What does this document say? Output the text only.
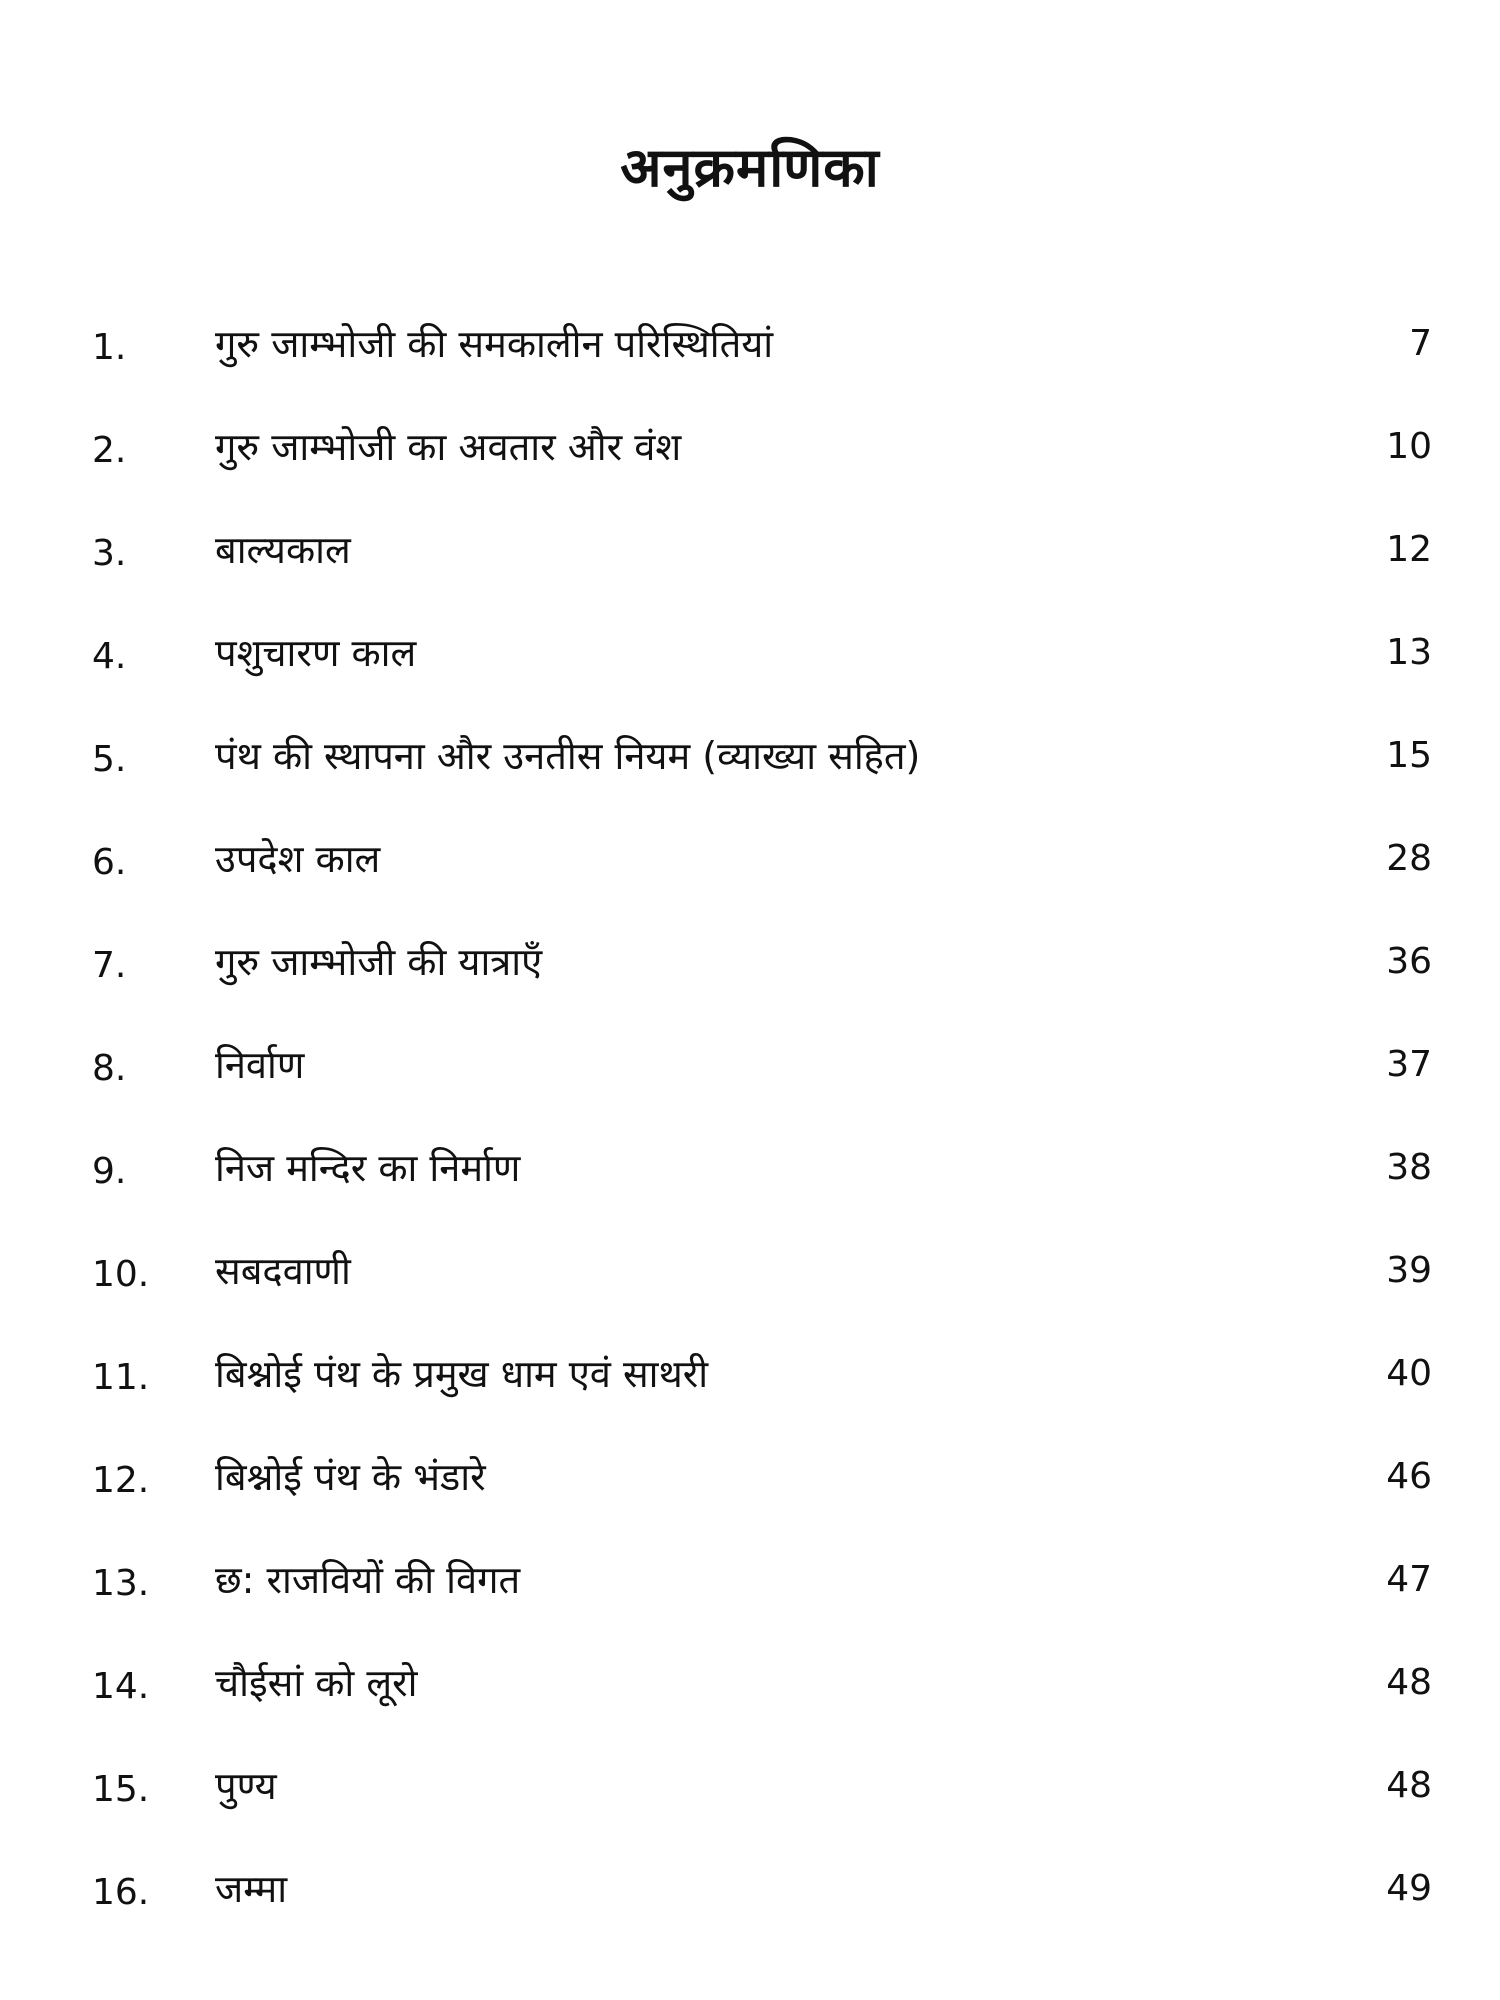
अनुक्रमणिका
1.	गुरु जाम्भोजी की समकालीन परिस्थितियां	7
2.	गुरु जाम्भोजी का अवतार और वंश	10
3.	बाल्यकाल	12
4.	पशुचारण काल	13
5.	पंथ की स्थापना और उनतीस नियम (व्याख्या सहित)	15
6.	उपदेश काल	28
7.	गुरु जाम्भोजी की यात्राएँ	36
8.	निर्वाण	37
9.	निज मन्दिर का निर्माण	38
10.	सबदवाणी	39
11.	बिश्नोई पंथ के प्रमुख धाम एवं साथरी	40
12.	बिश्नोई पंथ के भंडारे	46
13.	छ: राजवियों की विगत	47
14.	चौईसां को लूरो	48
15.	पुण्य	48
16.	जम्मा	49
